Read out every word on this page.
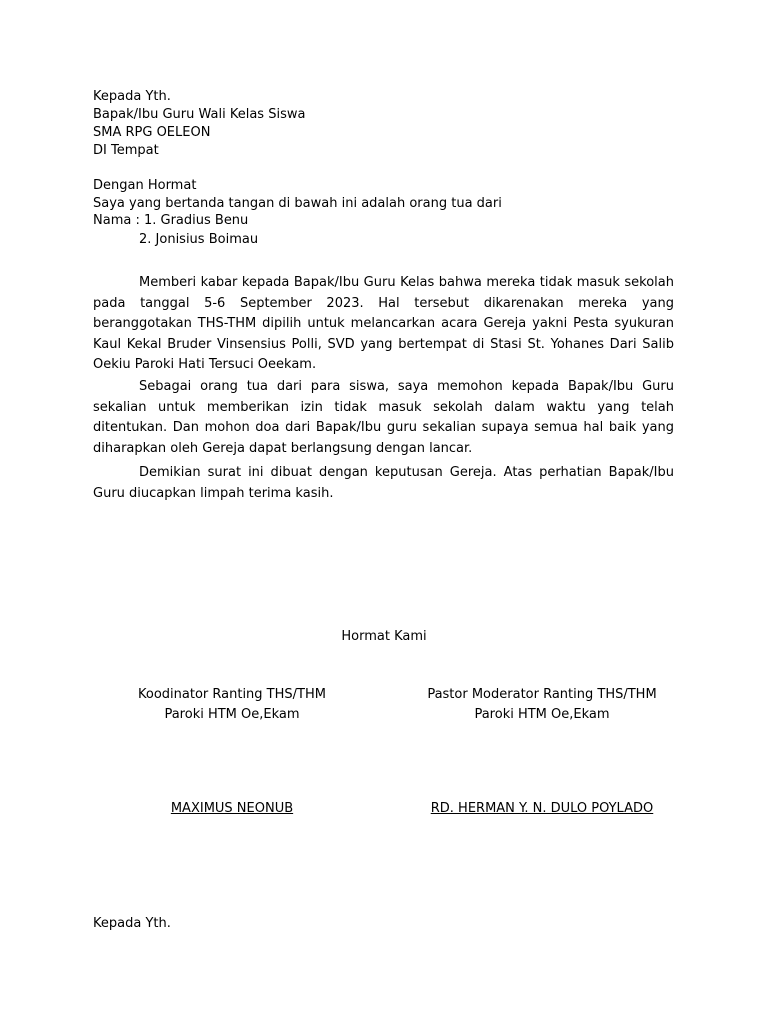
Kepada Yth.
Bapak/Ibu Guru Wali Kelas Siswa
SMA RPG OELEON
DI Tempat
Dengan Hormat
Saya yang bertanda tangan di bawah ini adalah orang tua dari
Nama : 1. Gradius Benu
2. Jonisius Boimau

Memberi kabar kepada Bapak/Ibu Guru Kelas bahwa mereka tidak masuk sekolah pada tanggal 5-6 September 2023. Hal tersebut dikarenakan mereka yang beranggotakan THS-THM dipilih untuk melancarkan acara Gereja yakni Pesta syukuran Kaul Kekal Bruder Vinsensius Polli, SVD yang bertempat di Stasi St. Yohanes Dari Salib Oekiu Paroki Hati Tersuci Oeekam.

Sebagai orang tua dari para siswa, saya memohon kepada Bapak/Ibu Guru sekalian untuk memberikan izin tidak masuk sekolah dalam waktu yang telah ditentukan. Dan mohon doa dari Bapak/Ibu guru sekalian supaya semua hal baik yang diharapkan oleh Gereja dapat berlangsung dengan lancar.

Demikian surat ini dibuat dengan keputusan Gereja. Atas perhatian Bapak/Ibu Guru diucapkan limpah terima kasih.

Hormat Kami
Koodinator Ranting THS/THM
Paroki HTM Oe,Ekam
MAXIMUS NEONUB
Pastor Moderator Ranting THS/THM
Paroki HTM Oe,Ekam
RD. HERMAN Y. N. DULO POYLADO
Kepada Yth.
